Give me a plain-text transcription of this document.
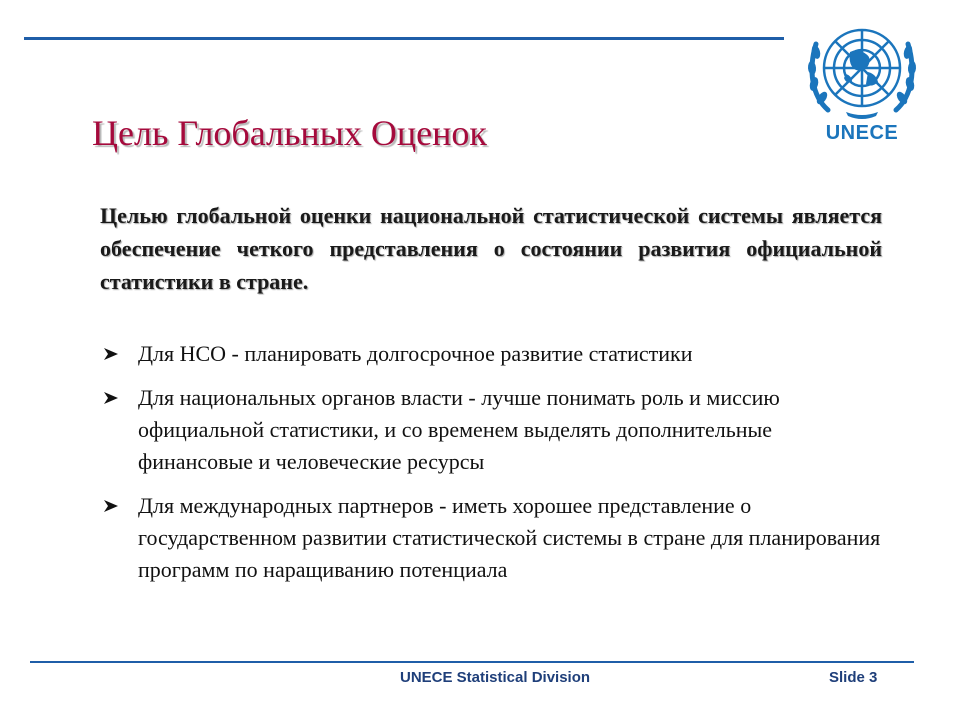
UNECE
Цель Глобальных Оценок
Целью глобальной оценки национальной статистической системы является обеспечение четкого представления о состоянии развития официальной статистики в стране.
Для НСО - планировать долгосрочное развитие статистики
Для национальных органов власти - лучше понимать роль и миссию официальной статистики, и со временем выделять дополнительные финансовые и человеческие ресурсы
Для международных партнеров - иметь хорошее представление о государственном развитии статистической системы в стране для планирования программ по наращиванию потенциала
UNECE Statistical Division	Slide 3
